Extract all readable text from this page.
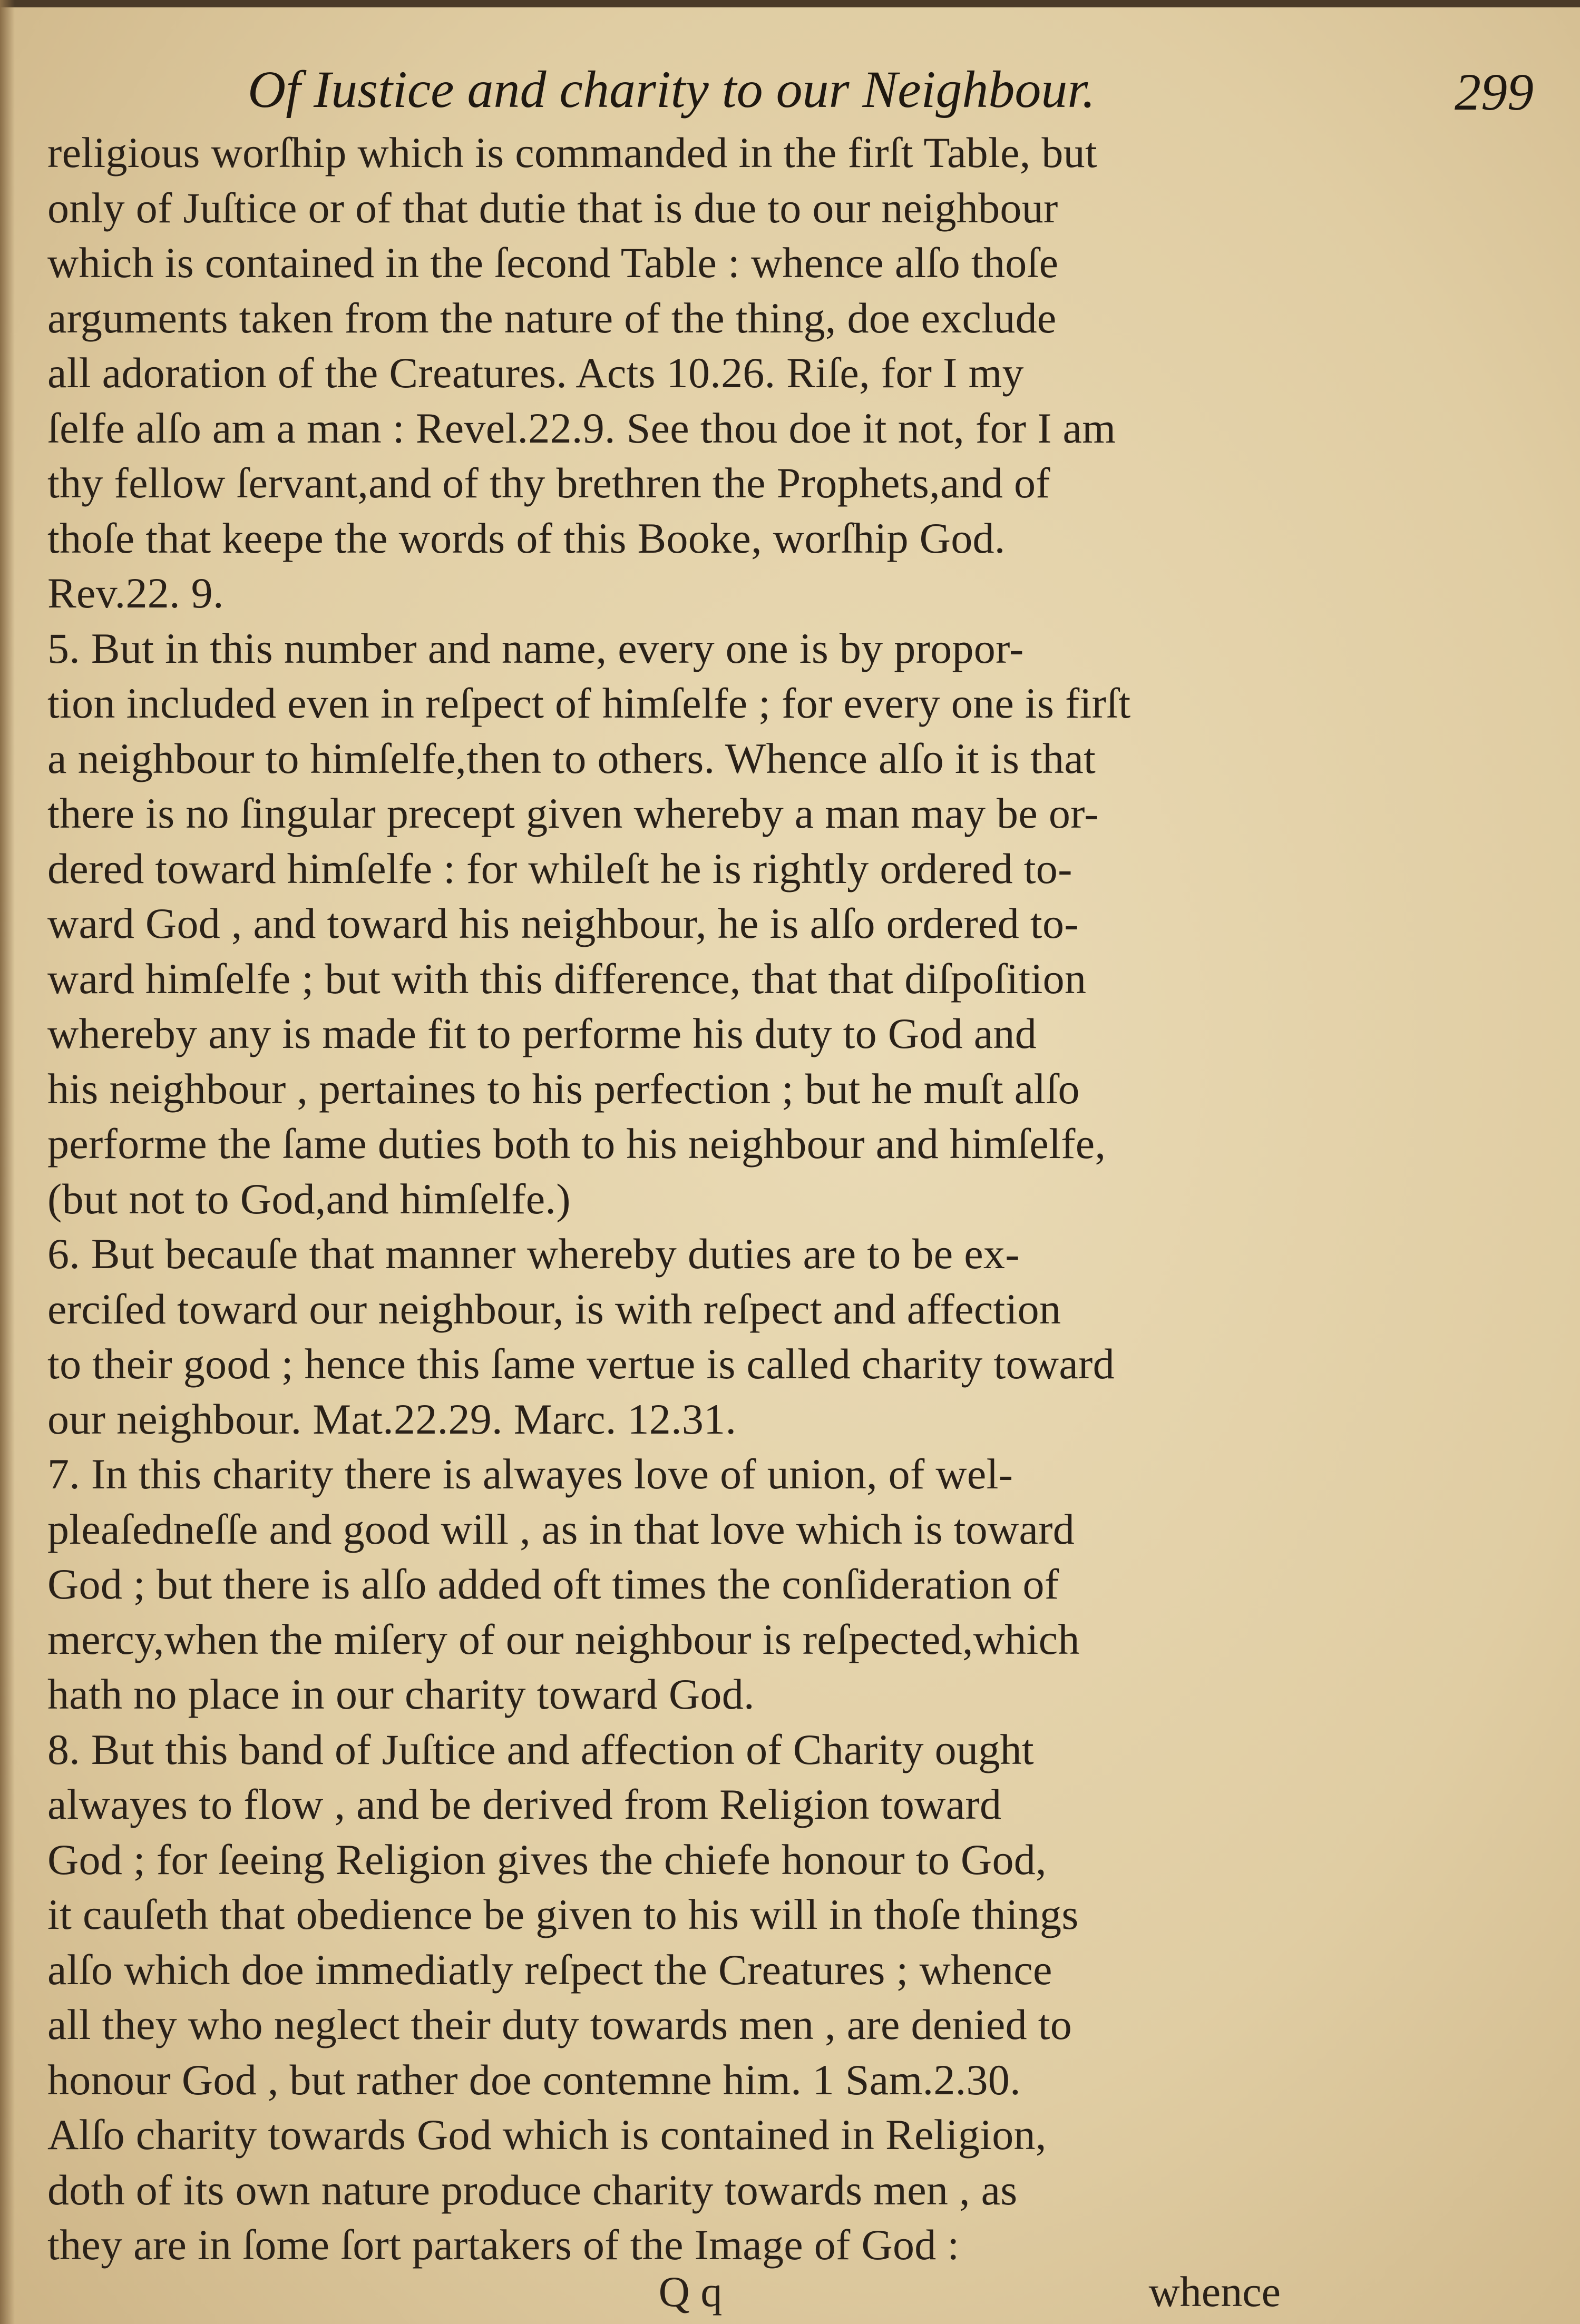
Of Iustice and charity to our Neighbour.	299
religious worſhip which is commanded in the firſt Table, but
only of Juſtice or of that dutie that is due to our neighbour
which is contained in the ſecond Table : whence alſo thoſe
arguments taken from the nature of the thing, doe exclude
all adoration of the Creatures. Acts 10.26. Riſe, for I my
ſelfe alſo am a man : Revel.22.9. See thou doe it not, for I am
thy fellow ſervant,and of thy brethren the Prophets,and of
thoſe that keepe the words of this Booke, worſhip God.
Rev.22. 9.
5. But in this number and name, every one is by propor-
tion included even in reſpect of himſelfe ; for every one is firſt
a neighbour to himſelfe,then to others. Whence alſo it is that
there is no ſingular precept given whereby a man may be or-
dered toward himſelfe : for whileſt he is rightly ordered to-
ward God , and toward his neighbour, he is alſo ordered to-
ward himſelfe ; but with this difference, that that diſpoſition
whereby any is made fit to performe his duty to God and
his neighbour , pertaines to his perfection ; but he muſt alſo
performe the ſame duties both to his neighbour and himſelfe,
(but not to God,and himſelfe.)
6. But becauſe that manner whereby duties are to be ex-
erciſed toward our neighbour, is with reſpect and affection
to their good ; hence this ſame vertue is called charity toward
our neighbour. Mat.22.29. Marc. 12.31.
7. In this charity there is alwayes love of union, of wel-
pleaſedneſſe and good will , as in that love which is toward
God ; but there is alſo added oft times the conſideration of
mercy,when the miſery of our neighbour is reſpected,which
hath no place in our charity toward God.
8. But this band of Juſtice and affection of Charity ought
alwayes to flow , and be derived from Religion toward
God ; for ſeeing Religion gives the chiefe honour to God,
it cauſeth that obedience be given to his will in thoſe things
alſo which doe immediatly reſpect the Creatures ; whence
all they who neglect their duty towards men , are denied to
honour God , but rather doe contemne him. 1 Sam.2.30.
Alſo charity towards God which is contained in Religion,
doth of its own nature produce charity towards men , as
they are in ſome ſort partakers of the Image of God :
Q q	whence
